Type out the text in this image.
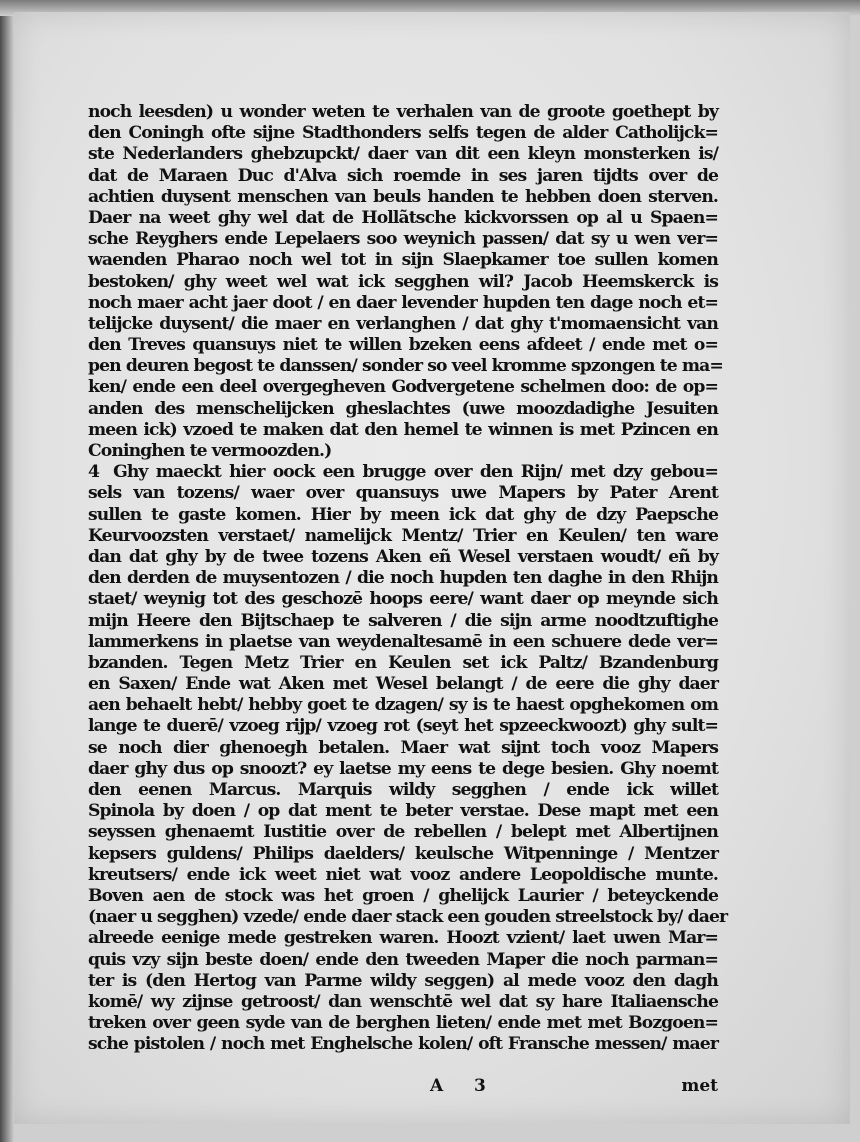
noch leesden) u wonder weten te verhalen van de groote goethept by
den Coningh ofte sijne Stadthonders selfs tegen de alder Catholijck=
ste Nederlanders ghebzupckt/ daer van dit een kleyn monsterken is/
dat de Maraen Duc d'Alva sich roemde in ses jaren tijdts over de
achtien duysent menschen van beuls handen te hebben doen sterven.
Daer na weet ghy wel dat de Hollãtsche kickvorssen op al u Spaen=
sche Reyghers ende Lepelaers soo weynich passen/ dat sy u wen ver=
waenden Pharao noch wel tot in sijn Slaepkamer toe sullen komen
bestoken/ ghy weet wel wat ick segghen wil? Jacob Heemskerck is
noch maer acht jaer doot / en daer levender hupden ten dage noch et=
telijcke duysent/ die maer en verlanghen / dat ghy t'momaensicht van
den Treves quansuys niet te willen bzeken eens afdeet / ende met o=
pen deuren begost te danssen/ sonder so veel kromme spzongen te ma=
ken/ ende een deel overgegheven Godvergetene schelmen doo: de op=
anden des menschelijcken gheslachtes (uwe moozdadighe Jesuiten
meen ick) vzoed te maken dat den hemel te winnen is met Pzincen en
Coninghen te vermoozden.)
4 Ghy maeckt hier oock een brugge over den Rijn/ met dzy gebou=
sels van tozens/ waer over quansuys uwe Mapers by Pater Arent
sullen te gaste komen. Hier by meen ick dat ghy de dzy Paepsche
Keurvoozsten verstaet/ namelijck Mentz/ Trier en Keulen/ ten ware
dan dat ghy by de twee tozens Aken eñ Wesel verstaen woudt/ eñ by
den derden de muysentozen / die noch hupden ten daghe in den Rhijn
staet/ weynig tot des geschozē hoops eere/ want daer op meynde sich
mijn Heere den Bijtschaep te salveren / die sijn arme noodtzuftighe
lammerkens in plaetse van weydenaltesamē in een schuere dede ver=
bzanden. Tegen Metz Trier en Keulen set ick Paltz/ Bzandenburg
en Saxen/ Ende wat Aken met Wesel belangt / de eere die ghy daer
aen behaelt hebt/ hebby goet te dzagen/ sy is te haest opghekomen om
lange te duerē/ vzoeg rijp/ vzoeg rot (seyt het spzeeckwoozt) ghy sult=
se noch dier ghenoegh betalen. Maer wat sijnt toch vooz Mapers
daer ghy dus op snoozt? ey laetse my eens te dege besien. Ghy noemt
den eenen Marcus. Marquis wildy segghen / ende ick willet
Spinola by doen / op dat ment te beter verstae. Dese mapt met een
seyssen ghenaemt Iustitie over de rebellen / belept met Albertijnen
kepsers guldens/ Philips daelders/ keulsche Witpenninge / Mentzer
kreutsers/ ende ick weet niet wat vooz andere Leopoldische munte.
Boven aen de stock was het groen / ghelijck Laurier / beteyckende
(naer u segghen) vzede/ ende daer stack een gouden streelstock by/ daer
alreede eenige mede gestreken waren. Hoozt vzient/ laet uwen Mar=
quis vzy sijn beste doen/ ende den tweeden Maper die noch parman=
ter is (den Hertog van Parme wildy seggen) al mede vooz den dagh
komē/ wy zijnse getroost/ dan wenschtē wel dat sy hare Italiaensche
treken over geen syde van de berghen lieten/ ende met met Bozgoen=
sche pistolen / noch met Enghelsche kolen/ oft Fransche messen/ maer
A 3	met
